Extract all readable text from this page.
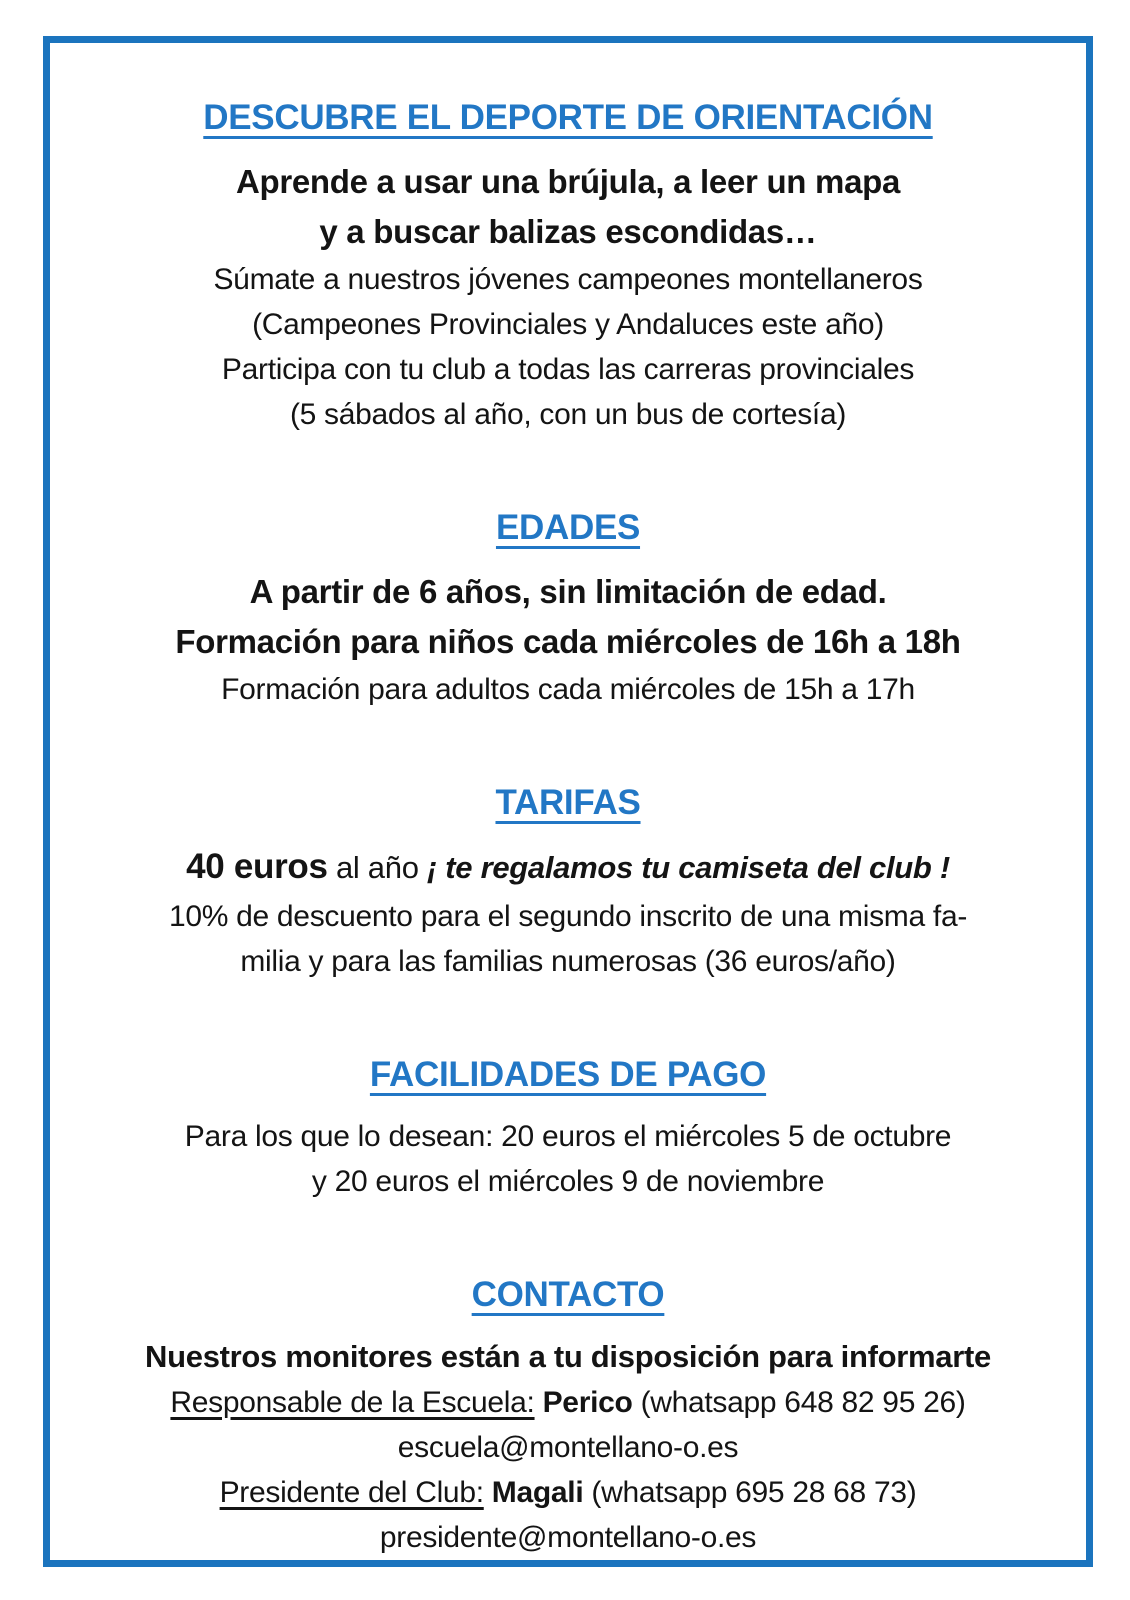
DESCUBRE EL DEPORTE DE ORIENTACIÓN
Aprende a usar una brújula, a leer un mapa
y a buscar balizas escondidas…
Súmate a nuestros jóvenes campeones montellaneros
(Campeones Provinciales y Andaluces este año)
Participa con tu club a todas las carreras provinciales
(5 sábados al año, con un bus de cortesía)
EDADES
A partir de 6 años, sin limitación de edad.
Formación para niños cada miércoles de 16h a 18h
Formación para adultos cada miércoles de 15h a 17h
TARIFAS
40 euros al año ¡ te regalamos tu camiseta del club !
10% de descuento para el segundo inscrito de una misma fa-
milia y para las familias numerosas (36 euros/año)
FACILIDADES DE PAGO
Para los que lo desean: 20 euros el miércoles 5 de octubre
y 20 euros el miércoles 9 de noviembre
CONTACTO
Nuestros monitores están a tu disposición para informarte
Responsable de la Escuela: Perico (whatsapp 648 82 95 26)
escuela@montellano-o.es
Presidente del Club: Magali (whatsapp 695 28 68 73)
presidente@montellano-o.es
